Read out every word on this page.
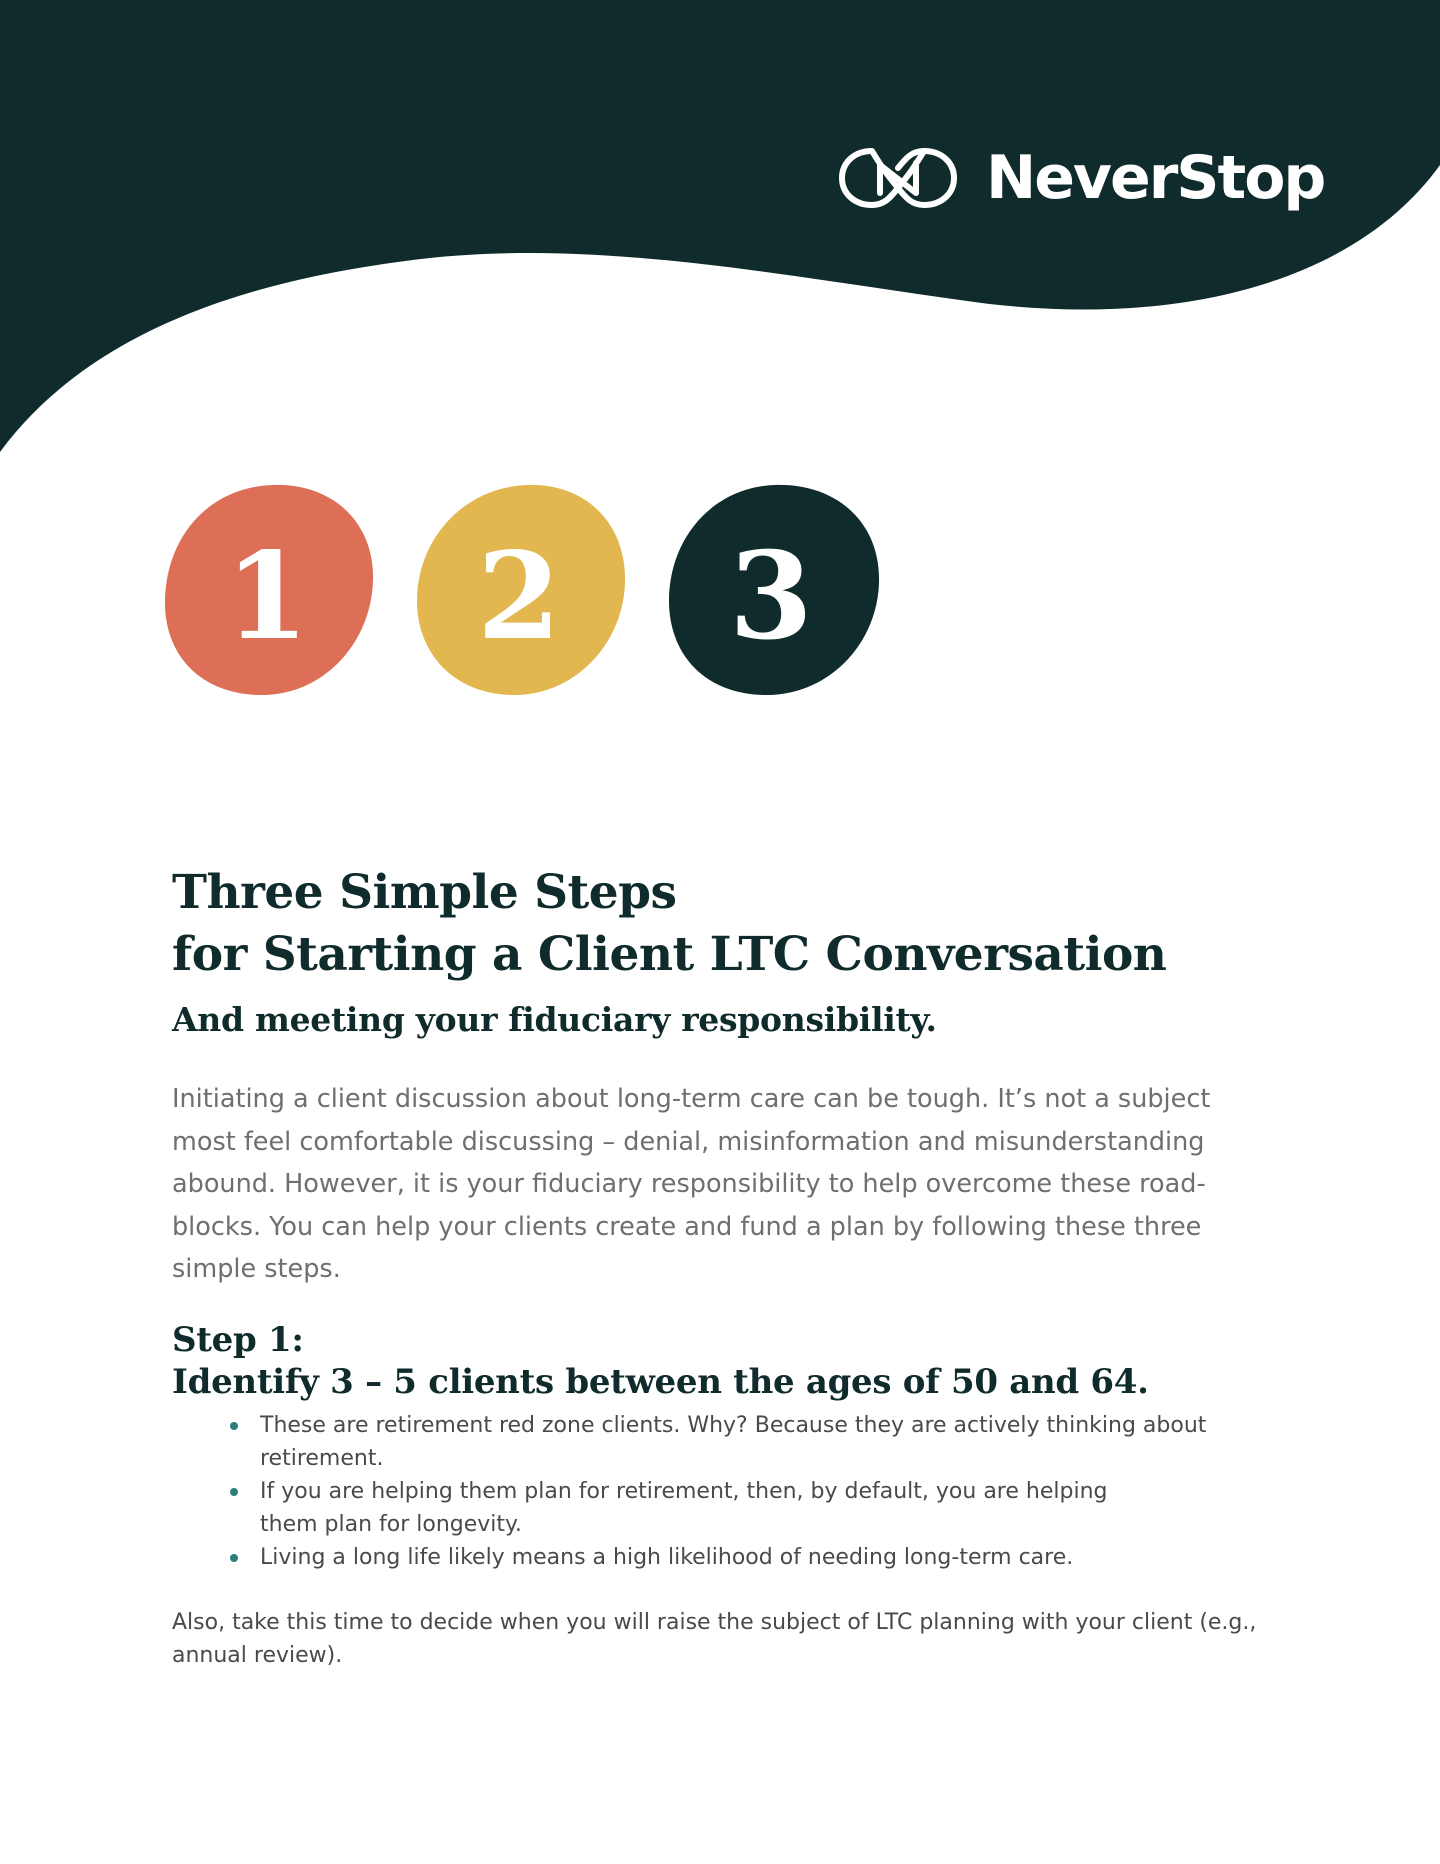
NeverStop
1 2 3
Three Simple Steps
for Starting a Client LTC Conversation

And meeting your fiduciary responsibility.

Initiating a client discussion about long-term care can be tough. It’s not a subject most feel comfortable discussing – denial, misinformation and misunderstanding abound. However, it is your fiduciary responsibility to help overcome these road-blocks. You can help your clients create and fund a plan by following these three simple steps.

Step 1:
Identify 3 – 5 clients between the ages of 50 and 64.
These are retirement red zone clients. Why? Because they are actively thinking about
retirement.
If you are helping them plan for retirement, then, by default, you are helping
them plan for longevity.
Living a long life likely means a high likelihood of needing long-term care.

Also, take this time to decide when you will raise the subject of LTC planning with your client (e.g., annual review).
